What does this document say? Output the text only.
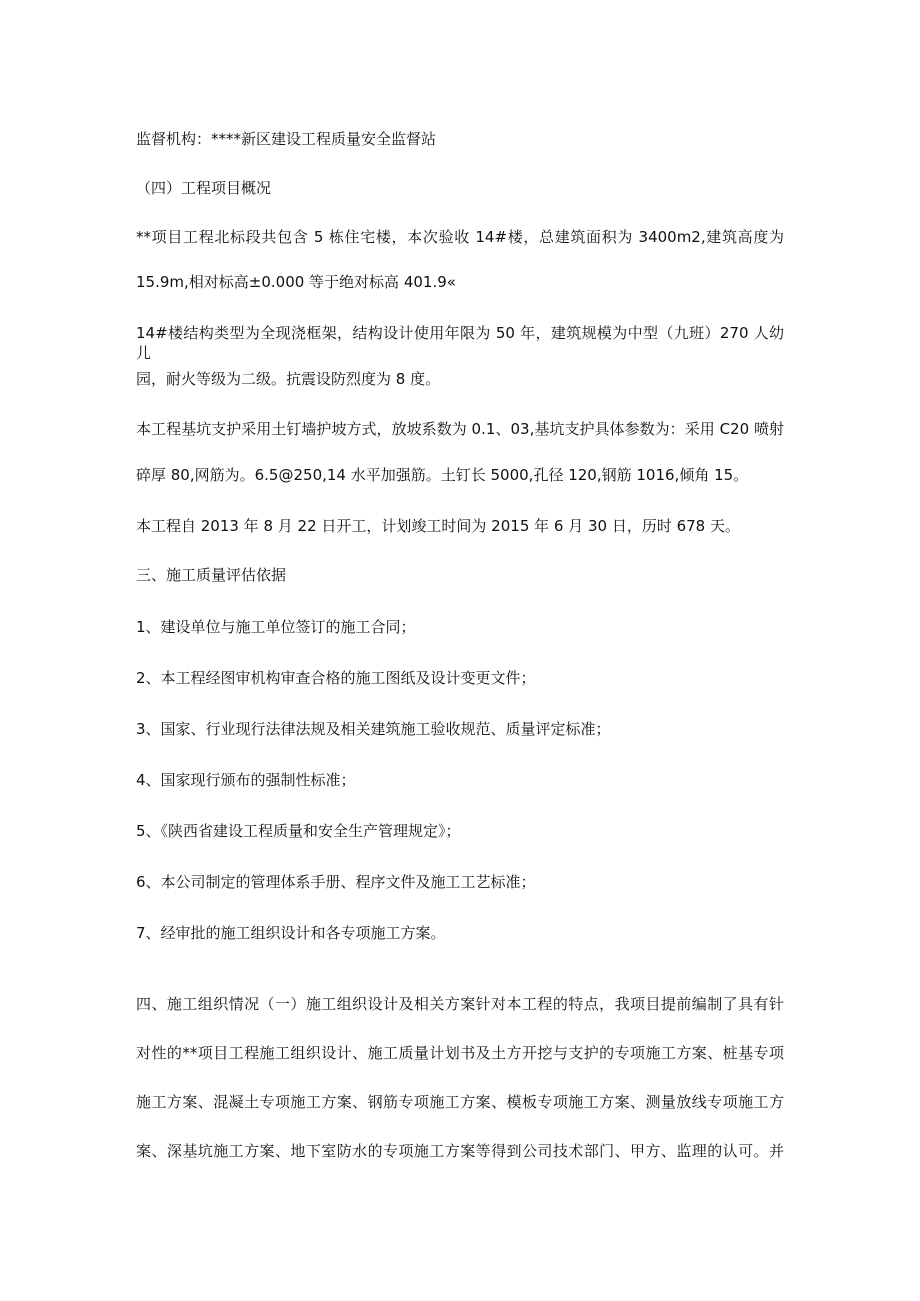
监督机构：****新区建设工程质量安全监督站
（四）工程项目概况
**项目工程北标段共包含 5 栋住宅楼，本次验收 14#楼，总建筑面积为 3400m2,建筑高度为
15.9m,相对标高±0.000 等于绝对标高 401.9«
14#楼结构类型为全现浇框架，结构设计使用年限为 50 年，建筑规模为中型（九班）270 人幼儿
园，耐火等级为二级。抗震设防烈度为 8 度。
本工程基坑支护采用土钉墙护坡方式，放坡系数为 0.1、03,基坑支护具体参数为：采用 C20 喷射
碎厚 80,网筋为。6.5@250,14 水平加强筋。土钉长 5000,孔径 120,钢筋 1016,倾角 15。
本工程自 2013 年 8 月 22 日开工，计划竣工时间为 2015 年 6 月 30 日，历时 678 天。
三、施工质量评估依据
1、建设单位与施工单位签订的施工合同；
2、本工程经图审机构审查合格的施工图纸及设计变更文件；
3、国家、行业现行法律法规及相关建筑施工验收规范、质量评定标准；
4、国家现行颁布的强制性标准；
5、《陕西省建设工程质量和安全生产管理规定》；
6、本公司制定的管理体系手册、程序文件及施工工艺标准；
7、经审批的施工组织设计和各专项施工方案。
四、施工组织情况（一）施工组织设计及相关方案针对本工程的特点，我项目提前编制了具有针
对性的**项目工程施工组织设计、施工质量计划书及土方开挖与支护的专项施工方案、桩基专项
施工方案、混凝土专项施工方案、钢筋专项施工方案、模板专项施工方案、测量放线专项施工方
案、深基坑施工方案、地下室防水的专项施工方案等得到公司技术部门、甲方、监理的认可。并
